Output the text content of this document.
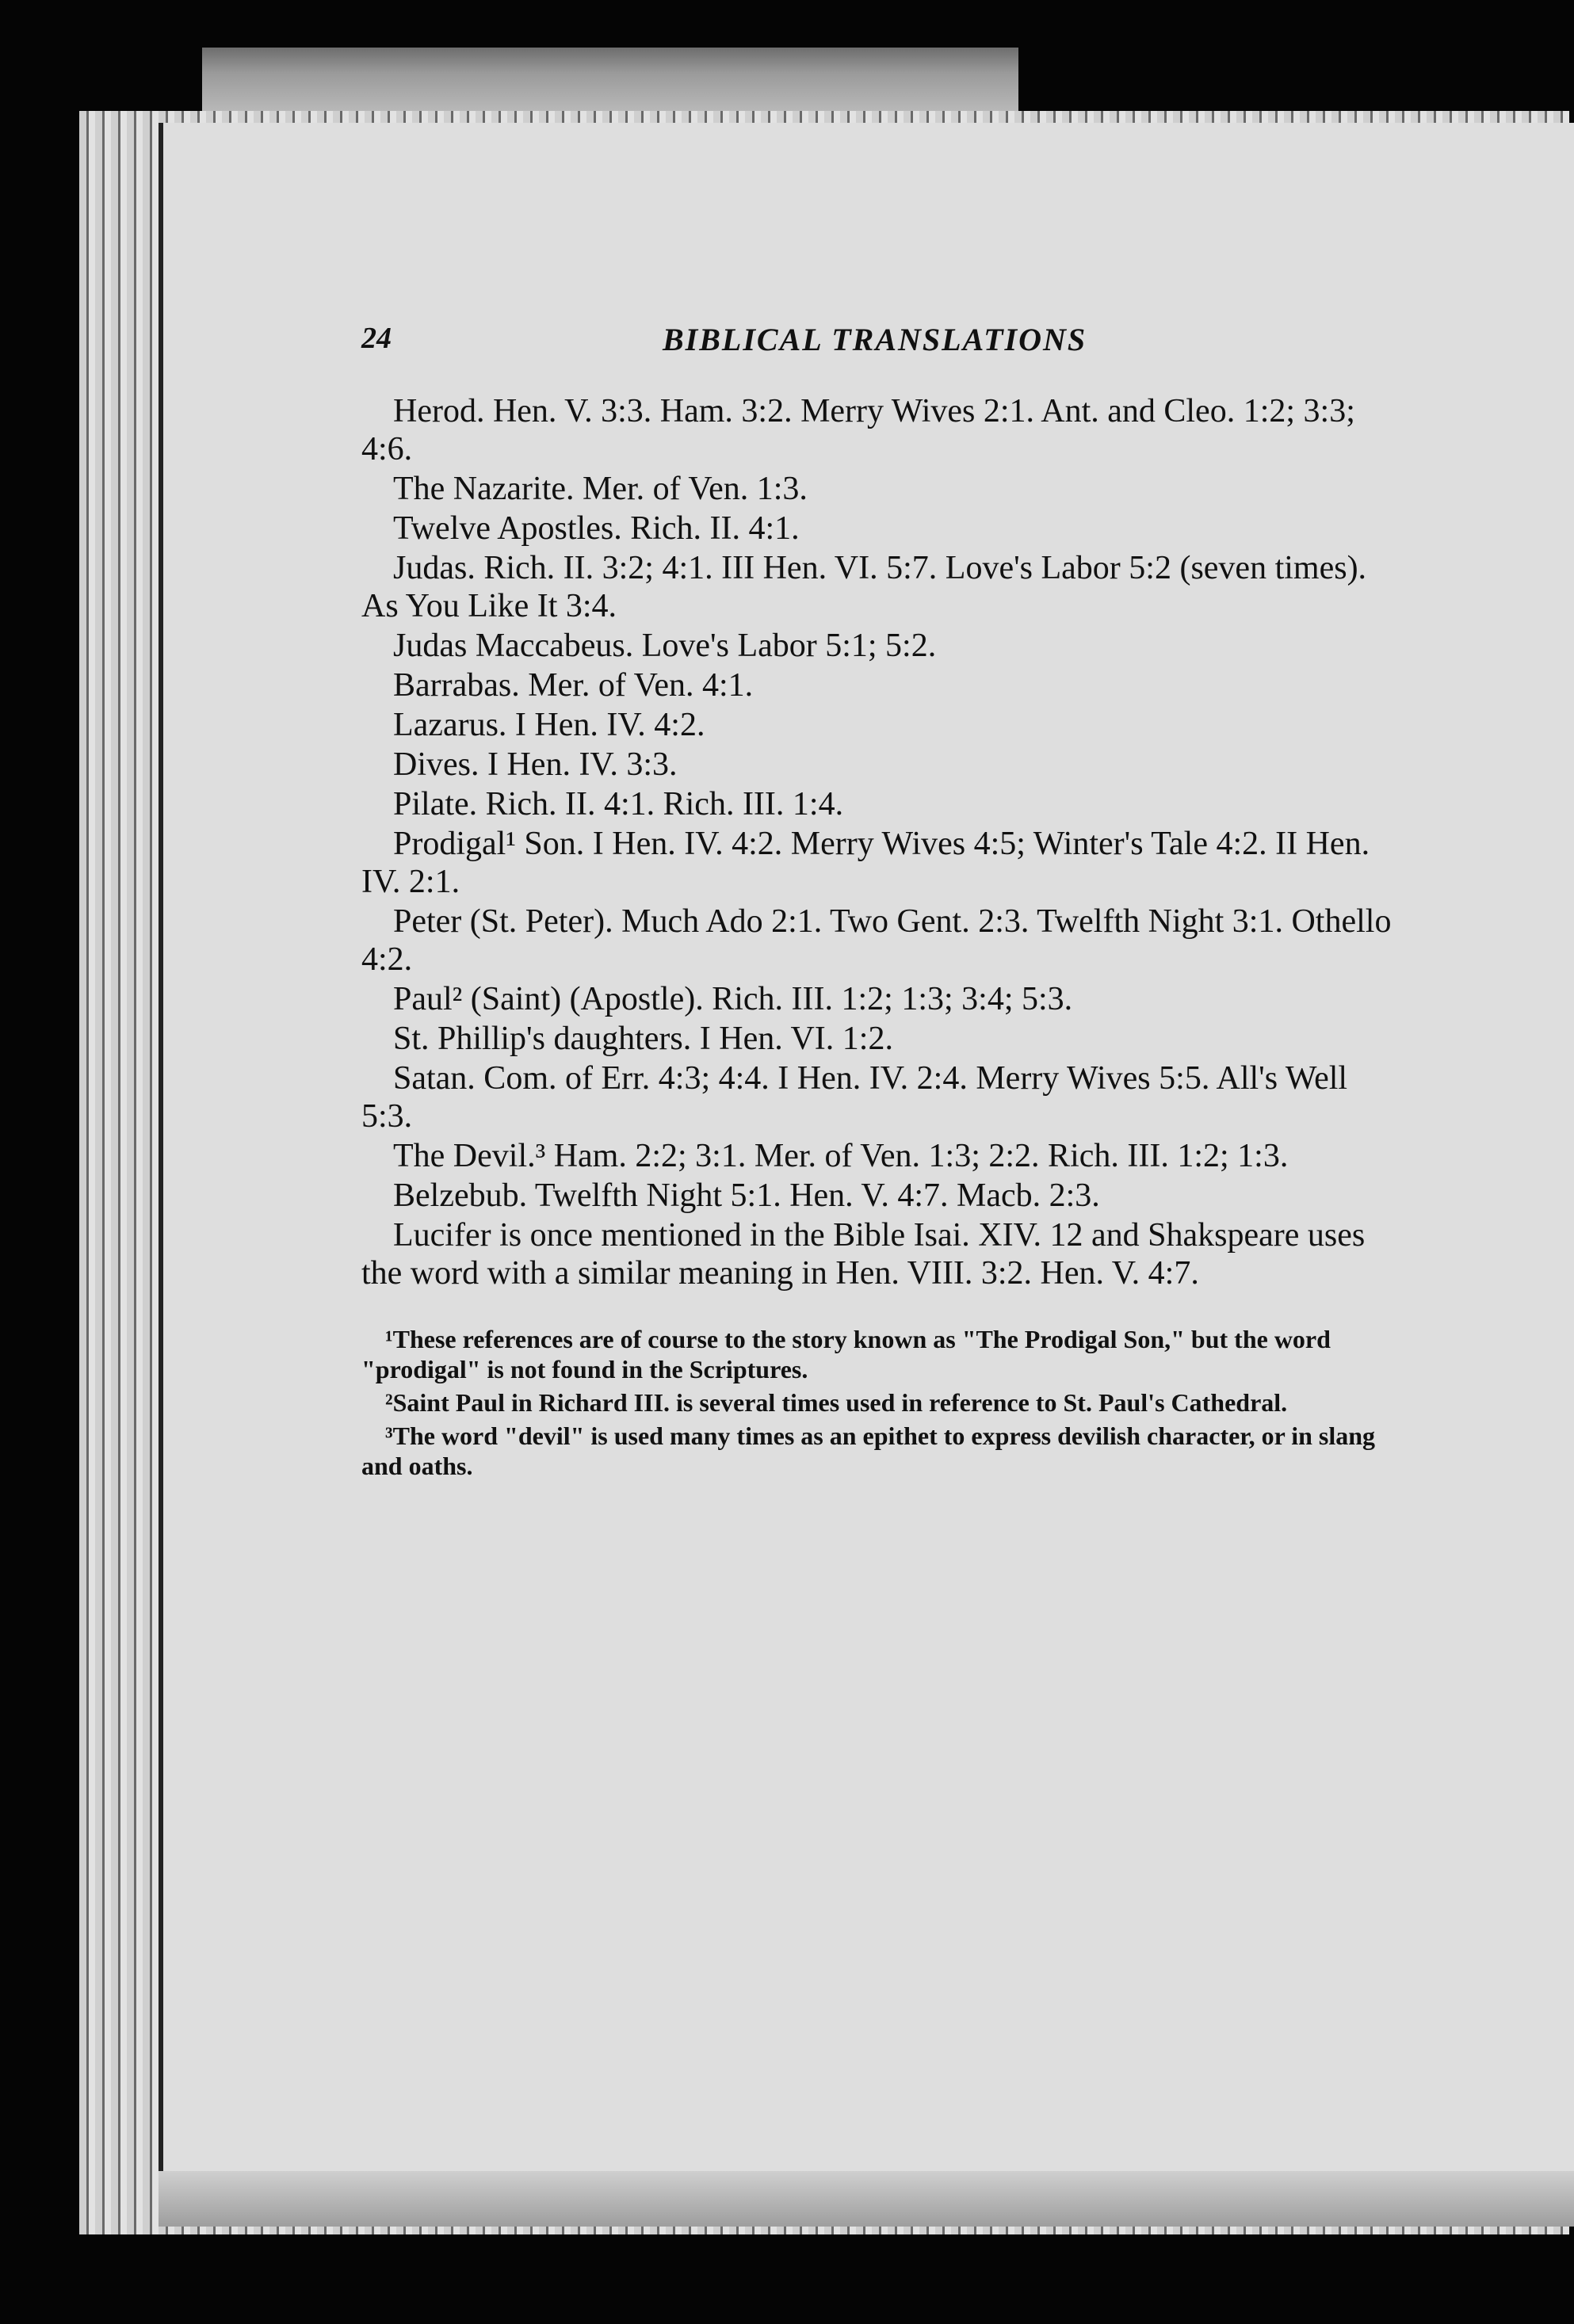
24	BIBLICAL TRANSLATIONS

Herod. Hen. V. 3:3. Ham. 3:2. Merry Wives 2:1. Ant. and Cleo. 1:2; 3:3; 4:6.

The Nazarite. Mer. of Ven. 1:3.

Twelve Apostles. Rich. II. 4:1.

Judas. Rich. II. 3:2; 4:1. III Hen. VI. 5:7. Love's Labor 5:2 (seven times). As You Like It 3:4.

Judas Maccabeus. Love's Labor 5:1; 5:2.

Barrabas. Mer. of Ven. 4:1.

Lazarus. I Hen. IV. 4:2.

Dives. I Hen. IV. 3:3.

Pilate. Rich. II. 4:1. Rich. III. 1:4.

Prodigal¹ Son. I Hen. IV. 4:2. Merry Wives 4:5; Winter's Tale 4:2. II Hen. IV. 2:1.

Peter (St. Peter). Much Ado 2:1. Two Gent. 2:3. Twelfth Night 3:1. Othello 4:2.

Paul² (Saint) (Apostle). Rich. III. 1:2; 1:3; 3:4; 5:3.

St. Phillip's daughters. I Hen. VI. 1:2.

Satan. Com. of Err. 4:3; 4:4. I Hen. IV. 2:4. Merry Wives 5:5. All's Well 5:3.

The Devil.³ Ham. 2:2; 3:1. Mer. of Ven. 1:3; 2:2. Rich. III. 1:2; 1:3.

Belzebub. Twelfth Night 5:1. Hen. V. 4:7. Macb. 2:3.

Lucifer is once mentioned in the Bible Isai. XIV. 12 and Shakspeare uses the word with a similar meaning in Hen. VIII. 3:2. Hen. V. 4:7.

¹These references are of course to the story known as "The Prodigal Son," but the word "prodigal" is not found in the Scriptures.

²Saint Paul in Richard III. is several times used in reference to St. Paul's Cathedral.

³The word "devil" is used many times as an epithet to express devilish character, or in slang and oaths.
